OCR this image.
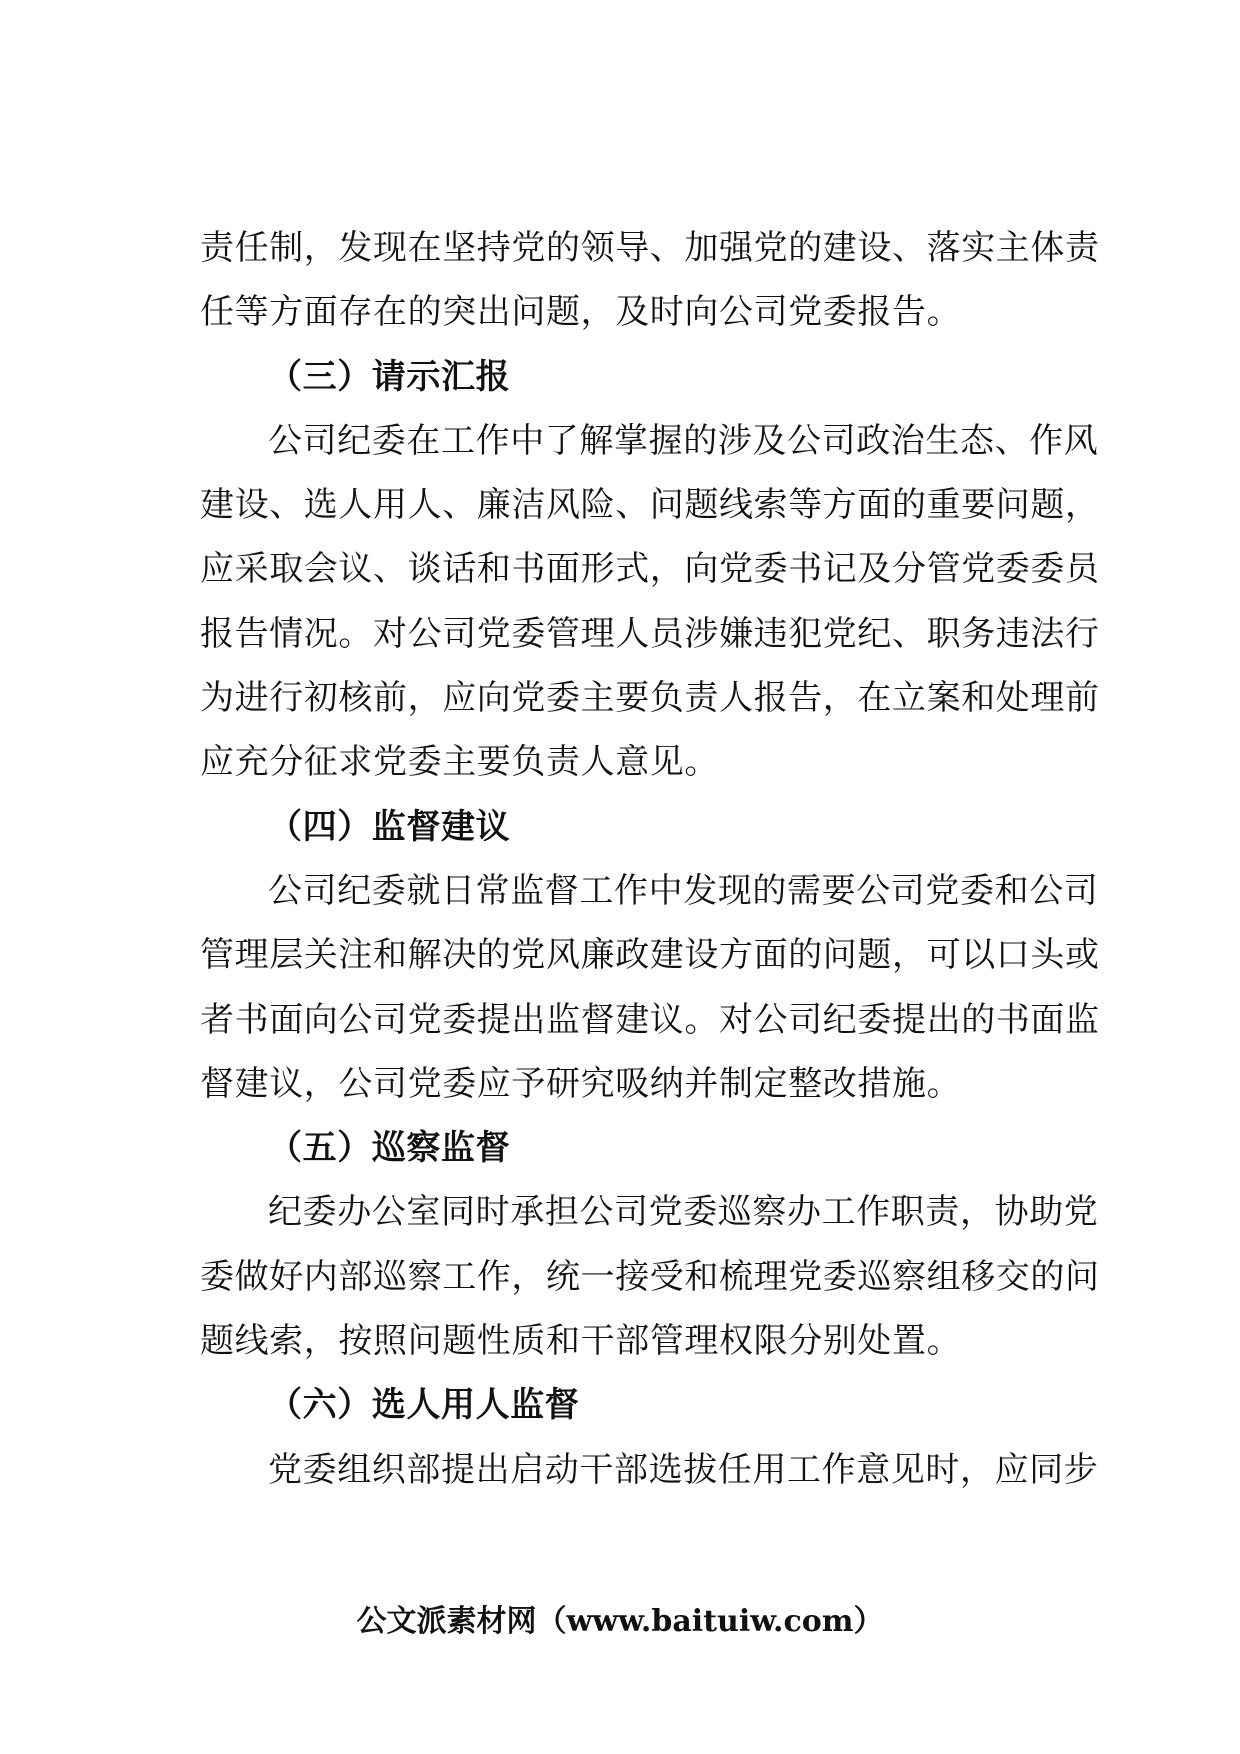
责任制，发现在坚持党的领导、加强党的建设、落实主体责
任等方面存在的突出问题，及时向公司党委报告。

（三）请示汇报

公司纪委在工作中了解掌握的涉及公司政治生态、作风
建设、选人用人、廉洁风险、问题线索等方面的重要问题，
应采取会议、谈话和书面形式，向党委书记及分管党委委员
报告情况。对公司党委管理人员涉嫌违犯党纪、职务违法行
为进行初核前，应向党委主要负责人报告，在立案和处理前
应充分征求党委主要负责人意见。

（四）监督建议

公司纪委就日常监督工作中发现的需要公司党委和公司
管理层关注和解决的党风廉政建设方面的问题，可以口头或
者书面向公司党委提出监督建议。对公司纪委提出的书面监
督建议，公司党委应予研究吸纳并制定整改措施。

（五）巡察监督

纪委办公室同时承担公司党委巡察办工作职责，协助党
委做好内部巡察工作，统一接受和梳理党委巡察组移交的问
题线索，按照问题性质和干部管理权限分别处置。

（六）选人用人监督

党委组织部提出启动干部选拔任用工作意见时，应同步

公文派素材网（www.baituiw.com）
